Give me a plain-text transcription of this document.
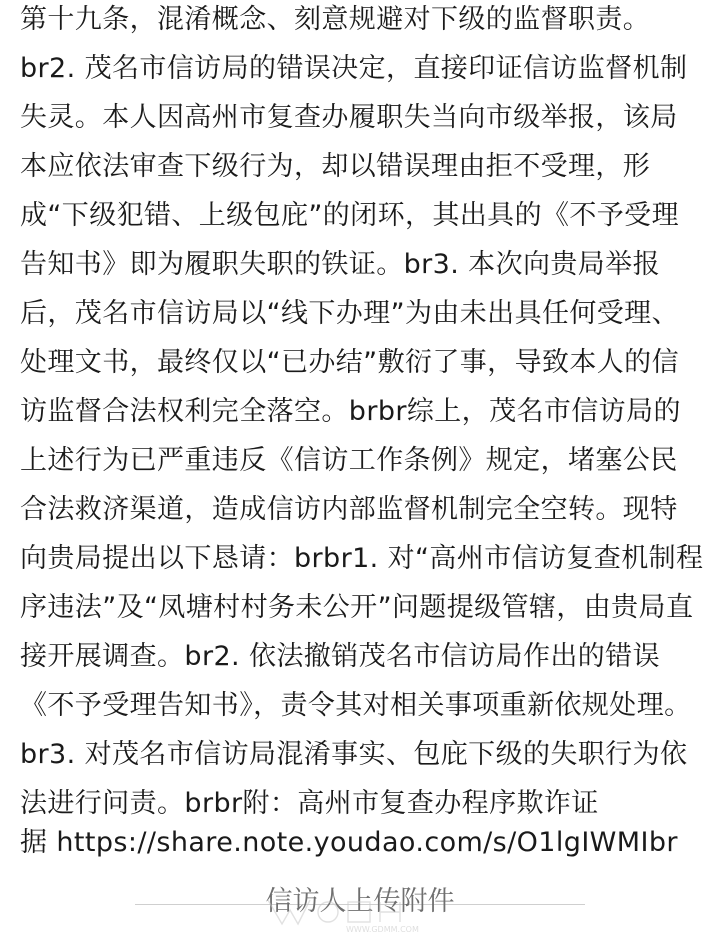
第十九条，混淆概念、刻意规避对下级的监督职责。
br2. 茂名市信访局的错误决定，直接印证信访监督机制
失灵。本人因高州市复查办履职失当向市级举报，该局
本应依法审查下级行为，却以错误理由拒不受理，形
成“下级犯错、上级包庇”的闭环，其出具的《不予受理
告知书》即为履职失职的铁证。br3. 本次向贵局举报
后，茂名市信访局以“线下办理”为由未出具任何受理、
处理文书，最终仅以“已办结”敷衍了事，导致本人的信
访监督合法权利完全落空。brbr综上，茂名市信访局的
上述行为已严重违反《信访工作条例》规定，堵塞公民
合法救济渠道，造成信访内部监督机制完全空转。现特
向贵局提出以下恳请：brbr1. 对“高州市信访复查机制程
序违法”及“凤塘村村务未公开”问题提级管辖，由贵局直
接开展调查。br2. 依法撤销茂名市信访局作出的错误
《不予受理告知书》，责令其对相关事项重新依规处理。
br3. 对茂名市信访局混淆事实、包庇下级的失职行为依
法进行问责。brbr附：高州市复查办程序欺诈证
据 https://share.note.youdao.com/s/O1lgIWMIbr
信访人上传附件
WWW.GDMM.COM
